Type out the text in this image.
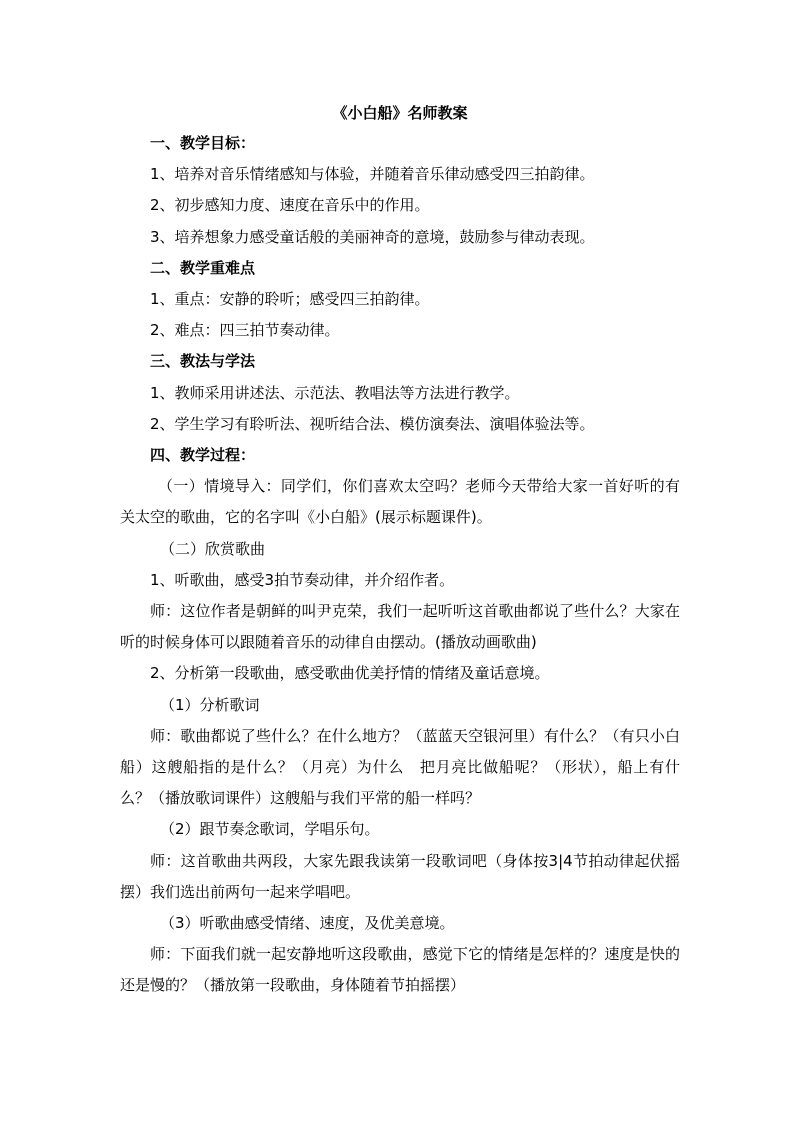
《小白船》名师教案

一、教学目标：

1、培养对音乐情绪感知与体验，并随着音乐律动感受四三拍韵律。

2、初步感知力度、速度在音乐中的作用。

3、培养想象力感受童话般的美丽神奇的意境，鼓励参与律动表现。

二、教学重难点

1、重点：安静的聆听；感受四三拍韵律。

2、难点：四三拍节奏动律。

三、教法与学法

1、教师采用讲述法、示范法、教唱法等方法进行教学。

2、学生学习有聆听法、视听结合法、模仿演奏法、演唱体验法等。

四、教学过程：

（一）情境导入：同学们，你们喜欢太空吗？老师今天带给大家一首好听的有关太空的歌曲，它的名字叫《小白船》(展示标题课件)。

（二）欣赏歌曲

1、听歌曲，感受3拍节奏动律，并介绍作者。

师：这位作者是朝鲜的叫尹克荣，我们一起听听这首歌曲都说了些什么？大家在听的时候身体可以跟随着音乐的动律自由摆动。(播放动画歌曲)

2、分析第一段歌曲，感受歌曲优美抒情的情绪及童话意境。

（1）分析歌词

师：歌曲都说了些什么？在什么地方？（蓝蓝天空银河里）有什么？（有只小白船）这艘船指的是什么？（月亮）为什么　把月亮比做船呢？（形状），船上有什么？（播放歌词课件）这艘船与我们平常的船一样吗？

（2）跟节奏念歌词，学唱乐句。

师：这首歌曲共两段，大家先跟我读第一段歌词吧（身体按3|4节拍动律起伏摇摆）我们选出前两句一起来学唱吧。

（3）听歌曲感受情绪、速度，及优美意境。

师：下面我们就一起安静地听这段歌曲，感觉下它的情绪是怎样的？速度是快的还是慢的？（播放第一段歌曲，身体随着节拍摇摆）
